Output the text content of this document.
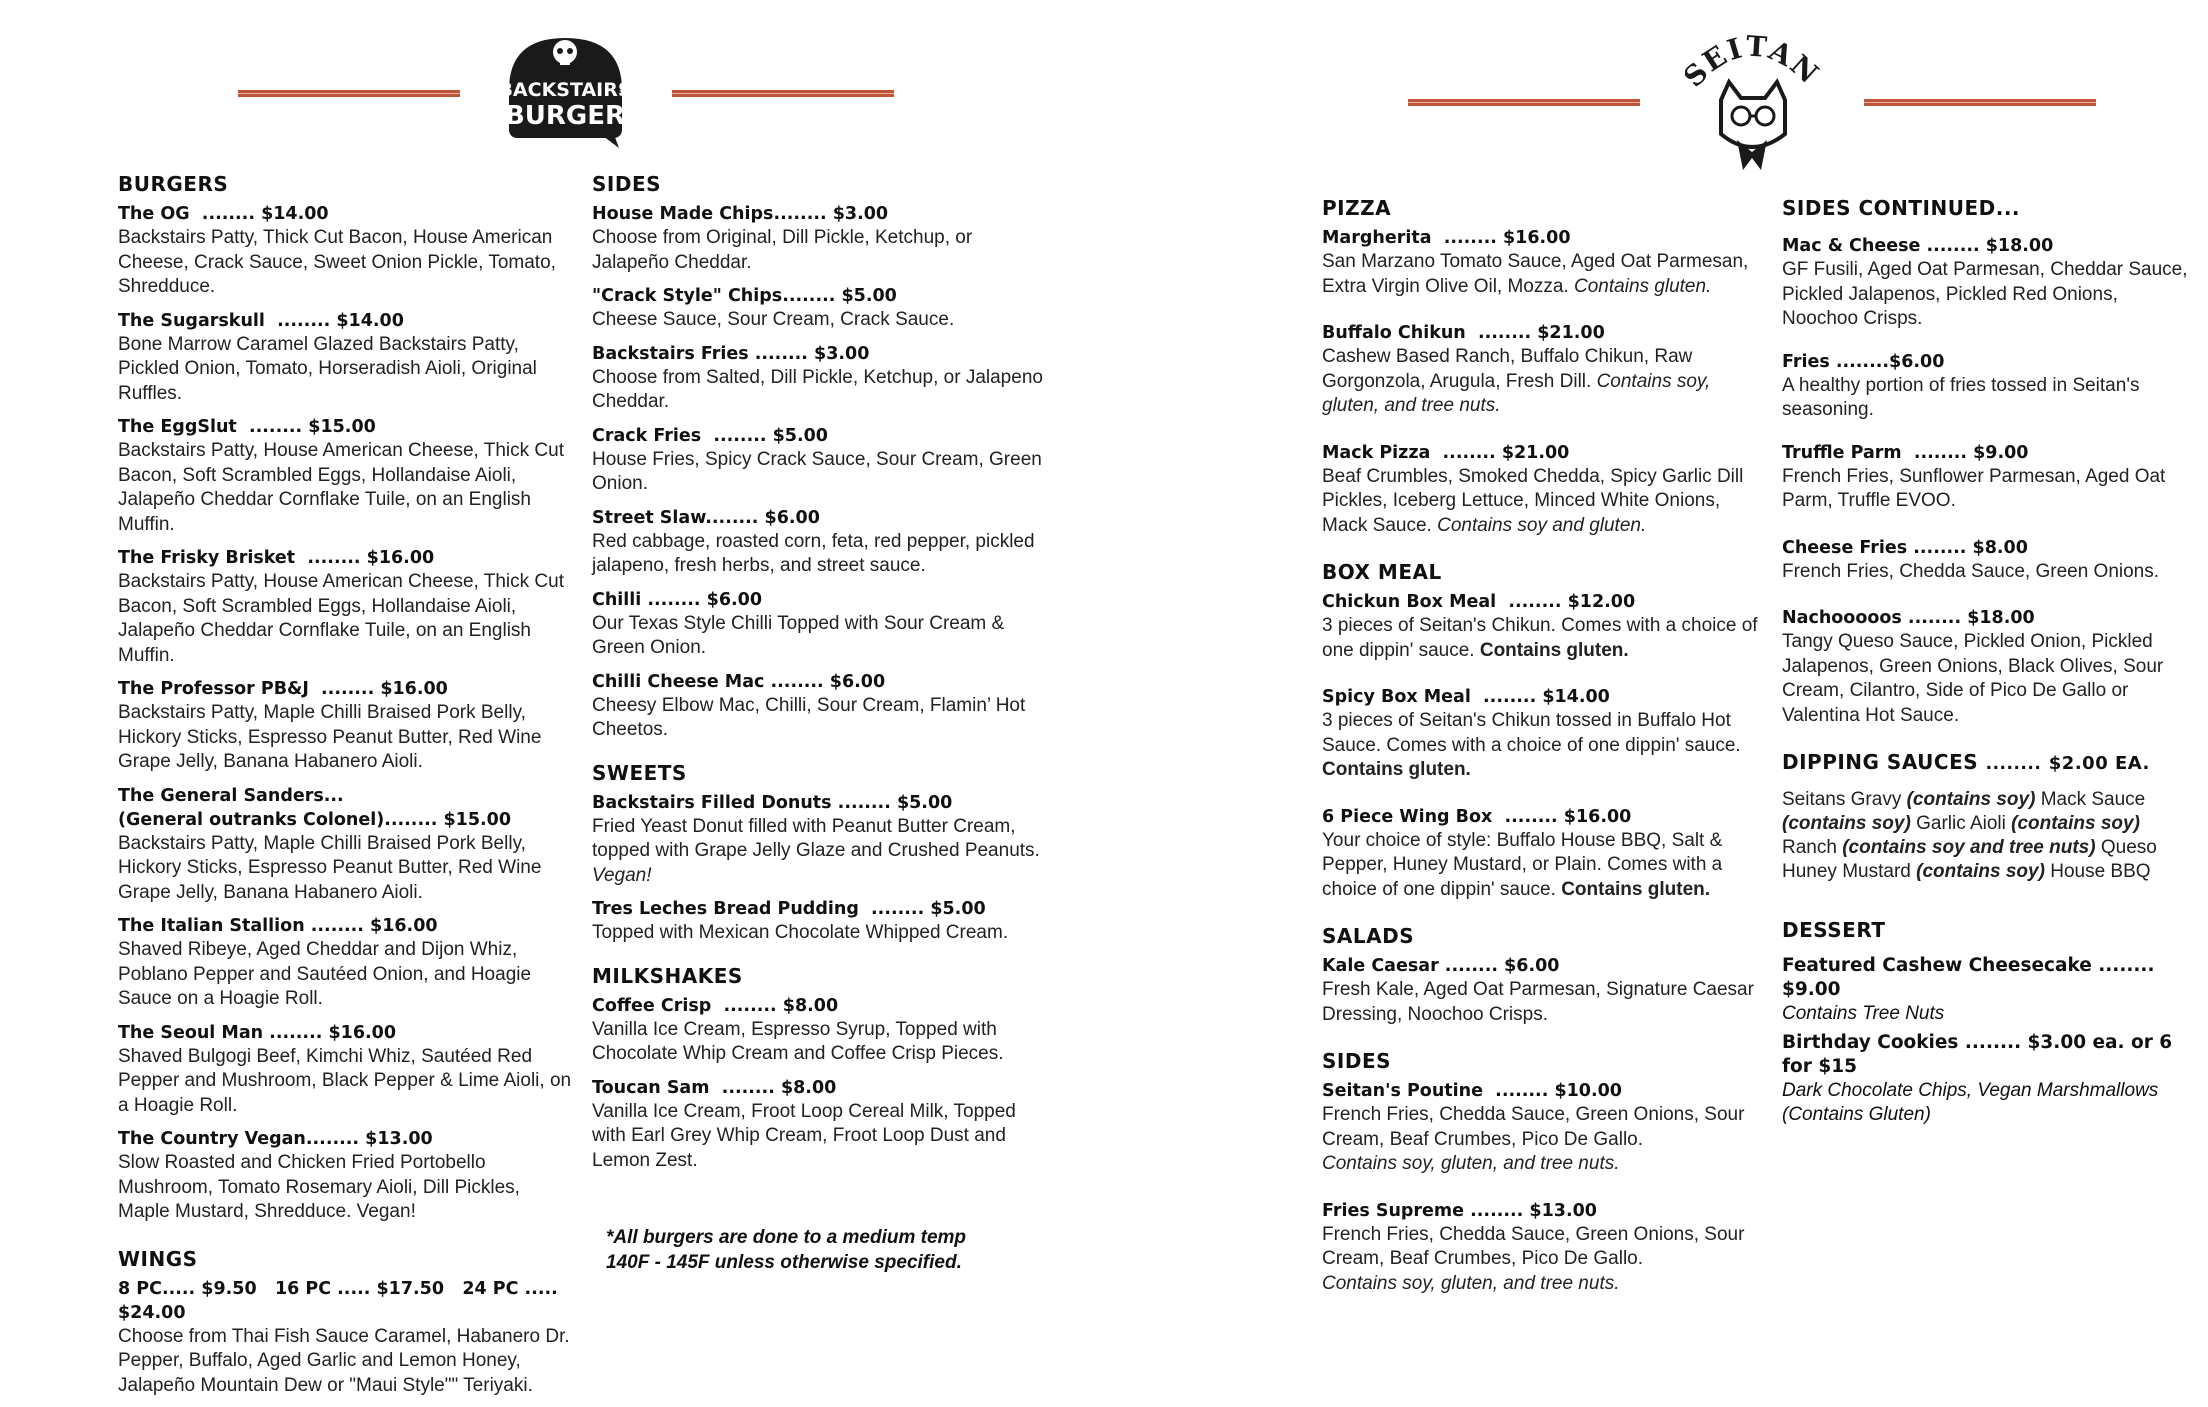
BACKSTAIRS
BURGER
EITA
BURGERS
The OG  ........ $14.00
Backstairs Patty, Thick Cut Bacon, House American Cheese, Crack Sauce, Sweet Onion Pickle, Tomato, Shredduce.
The Sugarskull  ........ $14.00
Bone Marrow Caramel Glazed Backstairs Patty, Pickled Onion, Tomato, Horseradish Aioli, Original Ruffles.
The EggSlut  ........ $15.00
Backstairs Patty, House American Cheese, Thick Cut Bacon, Soft Scrambled Eggs, Hollandaise Aioli, Jalapeño Cheddar Cornflake Tuile, on an English Muffin.
The Frisky Brisket  ........ $16.00
Backstairs Patty, House American Cheese, Thick Cut Bacon, Soft Scrambled Eggs, Hollandaise Aioli, Jalapeño Cheddar Cornflake Tuile, on an English Muffin.
The Professor PB&J  ........ $16.00
Backstairs Patty, Maple Chilli Braised Pork Belly, Hickory Sticks, Espresso Peanut Butter, Red Wine Grape Jelly, Banana Habanero Aioli.
The General Sanders...
(General outranks Colonel)........ $15.00
Backstairs Patty, Maple Chilli Braised Pork Belly, Hickory Sticks, Espresso Peanut Butter, Red Wine Grape Jelly, Banana Habanero Aioli.
The Italian Stallion ........ $16.00
Shaved Ribeye, Aged Cheddar and Dijon Whiz, Poblano Pepper and Sautéed Onion, and Hoagie Sauce on a Hoagie Roll.
The Seoul Man ........ $16.00
Shaved Bulgogi Beef, Kimchi Whiz, Sautéed Red Pepper and Mushroom, Black Pepper & Lime Aioli, on a Hoagie Roll.
The Country Vegan........ $13.00
Slow Roasted and Chicken Fried Portobello Mushroom, Tomato Rosemary Aioli, Dill Pickles, Maple Mustard, Shredduce. Vegan!
WINGS
8 PC..... $9.50 16 PC ..... $17.50 24 PC ..... $24.00
Choose from Thai Fish Sauce Caramel, Habanero Dr. Pepper, Buffalo, Aged Garlic and Lemon Honey, Jalapeño Mountain Dew or "Maui Style"" Teriyaki.
SIDES
House Made Chips........ $3.00
Choose from Original, Dill Pickle, Ketchup, or Jalapeño Cheddar.
"Crack Style" Chips........ $5.00
Cheese Sauce, Sour Cream, Crack Sauce.
Backstairs Fries ........ $3.00
Choose from Salted, Dill Pickle, Ketchup, or Jalapeno Cheddar.
Crack Fries  ........ $5.00
House Fries, Spicy Crack Sauce, Sour Cream, Green Onion.
Street Slaw........ $6.00
Red cabbage, roasted corn, feta, red pepper, pickled jalapeno, fresh herbs, and street sauce.
Chilli ........ $6.00
Our Texas Style Chilli Topped with Sour Cream & Green Onion.
Chilli Cheese Mac ........ $6.00
Cheesy Elbow Mac, Chilli, Sour Cream, Flamin’ Hot Cheetos.
SWEETS
Backstairs Filled Donuts ........ $5.00
Fried Yeast Donut filled with Peanut Butter Cream, topped with Grape Jelly Glaze and Crushed Peanuts. Vegan!
Tres Leches Bread Pudding  ........ $5.00
Topped with Mexican Chocolate Whipped Cream.
MILKSHAKES
Coffee Crisp  ........ $8.00
Vanilla Ice Cream, Espresso Syrup, Topped with Chocolate Whip Cream and Coffee Crisp Pieces.
Toucan Sam  ........ $8.00
Vanilla Ice Cream, Froot Loop Cereal Milk, Topped with Earl Grey Whip Cream, Froot Loop Dust and Lemon Zest.
*All burgers are done to a medium temp
140F - 145F unless otherwise specified.
PIZZA
Margherita  ........ $16.00
San Marzano Tomato Sauce, Aged Oat Parmesan, Extra Virgin Olive Oil, Mozza. Contains gluten.
Buffalo Chikun  ........ $21.00
Cashew Based Ranch, Buffalo Chikun, Raw Gorgonzola, Arugula, Fresh Dill. Contains soy, gluten, and tree nuts.
Mack Pizza  ........ $21.00
Beaf Crumbles, Smoked Chedda, Spicy Garlic Dill Pickles, Iceberg Lettuce, Minced White Onions, Mack Sauce. Contains soy and gluten.
BOX MEAL
Chickun Box Meal  ........ $12.00
3 pieces of Seitan's Chikun. Comes with a choice of one dippin' sauce. Contains gluten.
Spicy Box Meal  ........ $14.00
3 pieces of Seitan's Chikun tossed in Buffalo Hot Sauce. Comes with a choice of one dippin' sauce. Contains gluten.
6 Piece Wing Box  ........ $16.00
Your choice of style: Buffalo House BBQ, Salt & Pepper, Huney Mustard, or Plain. Comes with a choice of one dippin' sauce. Contains gluten.
SALADS
Kale Caesar ........ $6.00
Fresh Kale, Aged Oat Parmesan, Signature Caesar Dressing, Noochoo Crisps.
SIDES
Seitan's Poutine  ........ $10.00
French Fries, Chedda Sauce, Green Onions, Sour Cream, Beaf Crumbes, Pico De Gallo.
Contains soy, gluten, and tree nuts.
Fries Supreme ........ $13.00
French Fries, Chedda Sauce, Green Onions, Sour Cream, Beaf Crumbes, Pico De Gallo.
Contains soy, gluten, and tree nuts.
SIDES CONTINUED...
Mac & Cheese ........ $18.00
GF Fusili, Aged Oat Parmesan, Cheddar Sauce, Pickled Jalapenos, Pickled Red Onions, Noochoo Crisps.
Fries ........$6.00
A healthy portion of fries tossed in Seitan's seasoning.
Truffle Parm  ........ $9.00
French Fries, Sunflower Parmesan, Aged Oat Parm, Truffle EVOO.
Cheese Fries ........ $8.00
French Fries, Chedda Sauce, Green Onions.
Nachooooos ........ $18.00
Tangy Queso Sauce, Pickled Onion, Pickled Jalapenos, Green Onions, Black Olives, Sour Cream, Cilantro, Side of Pico De Gallo or Valentina Hot Sauce.
DIPPING SAUCES ........ $2.00 EA.
Seitans Gravy (contains soy) Mack Sauce
(contains soy) Garlic Aioli (contains soy)
Ranch (contains soy and tree nuts) Queso
Huney Mustard (contains soy) House BBQ
DESSERT
Featured Cashew Cheesecake ........ $9.00
Contains Tree Nuts
Birthday Cookies ........ $3.00 ea. or 6 for $15
Dark Chocolate Chips, Vegan Marshmallows
(Contains Gluten)
